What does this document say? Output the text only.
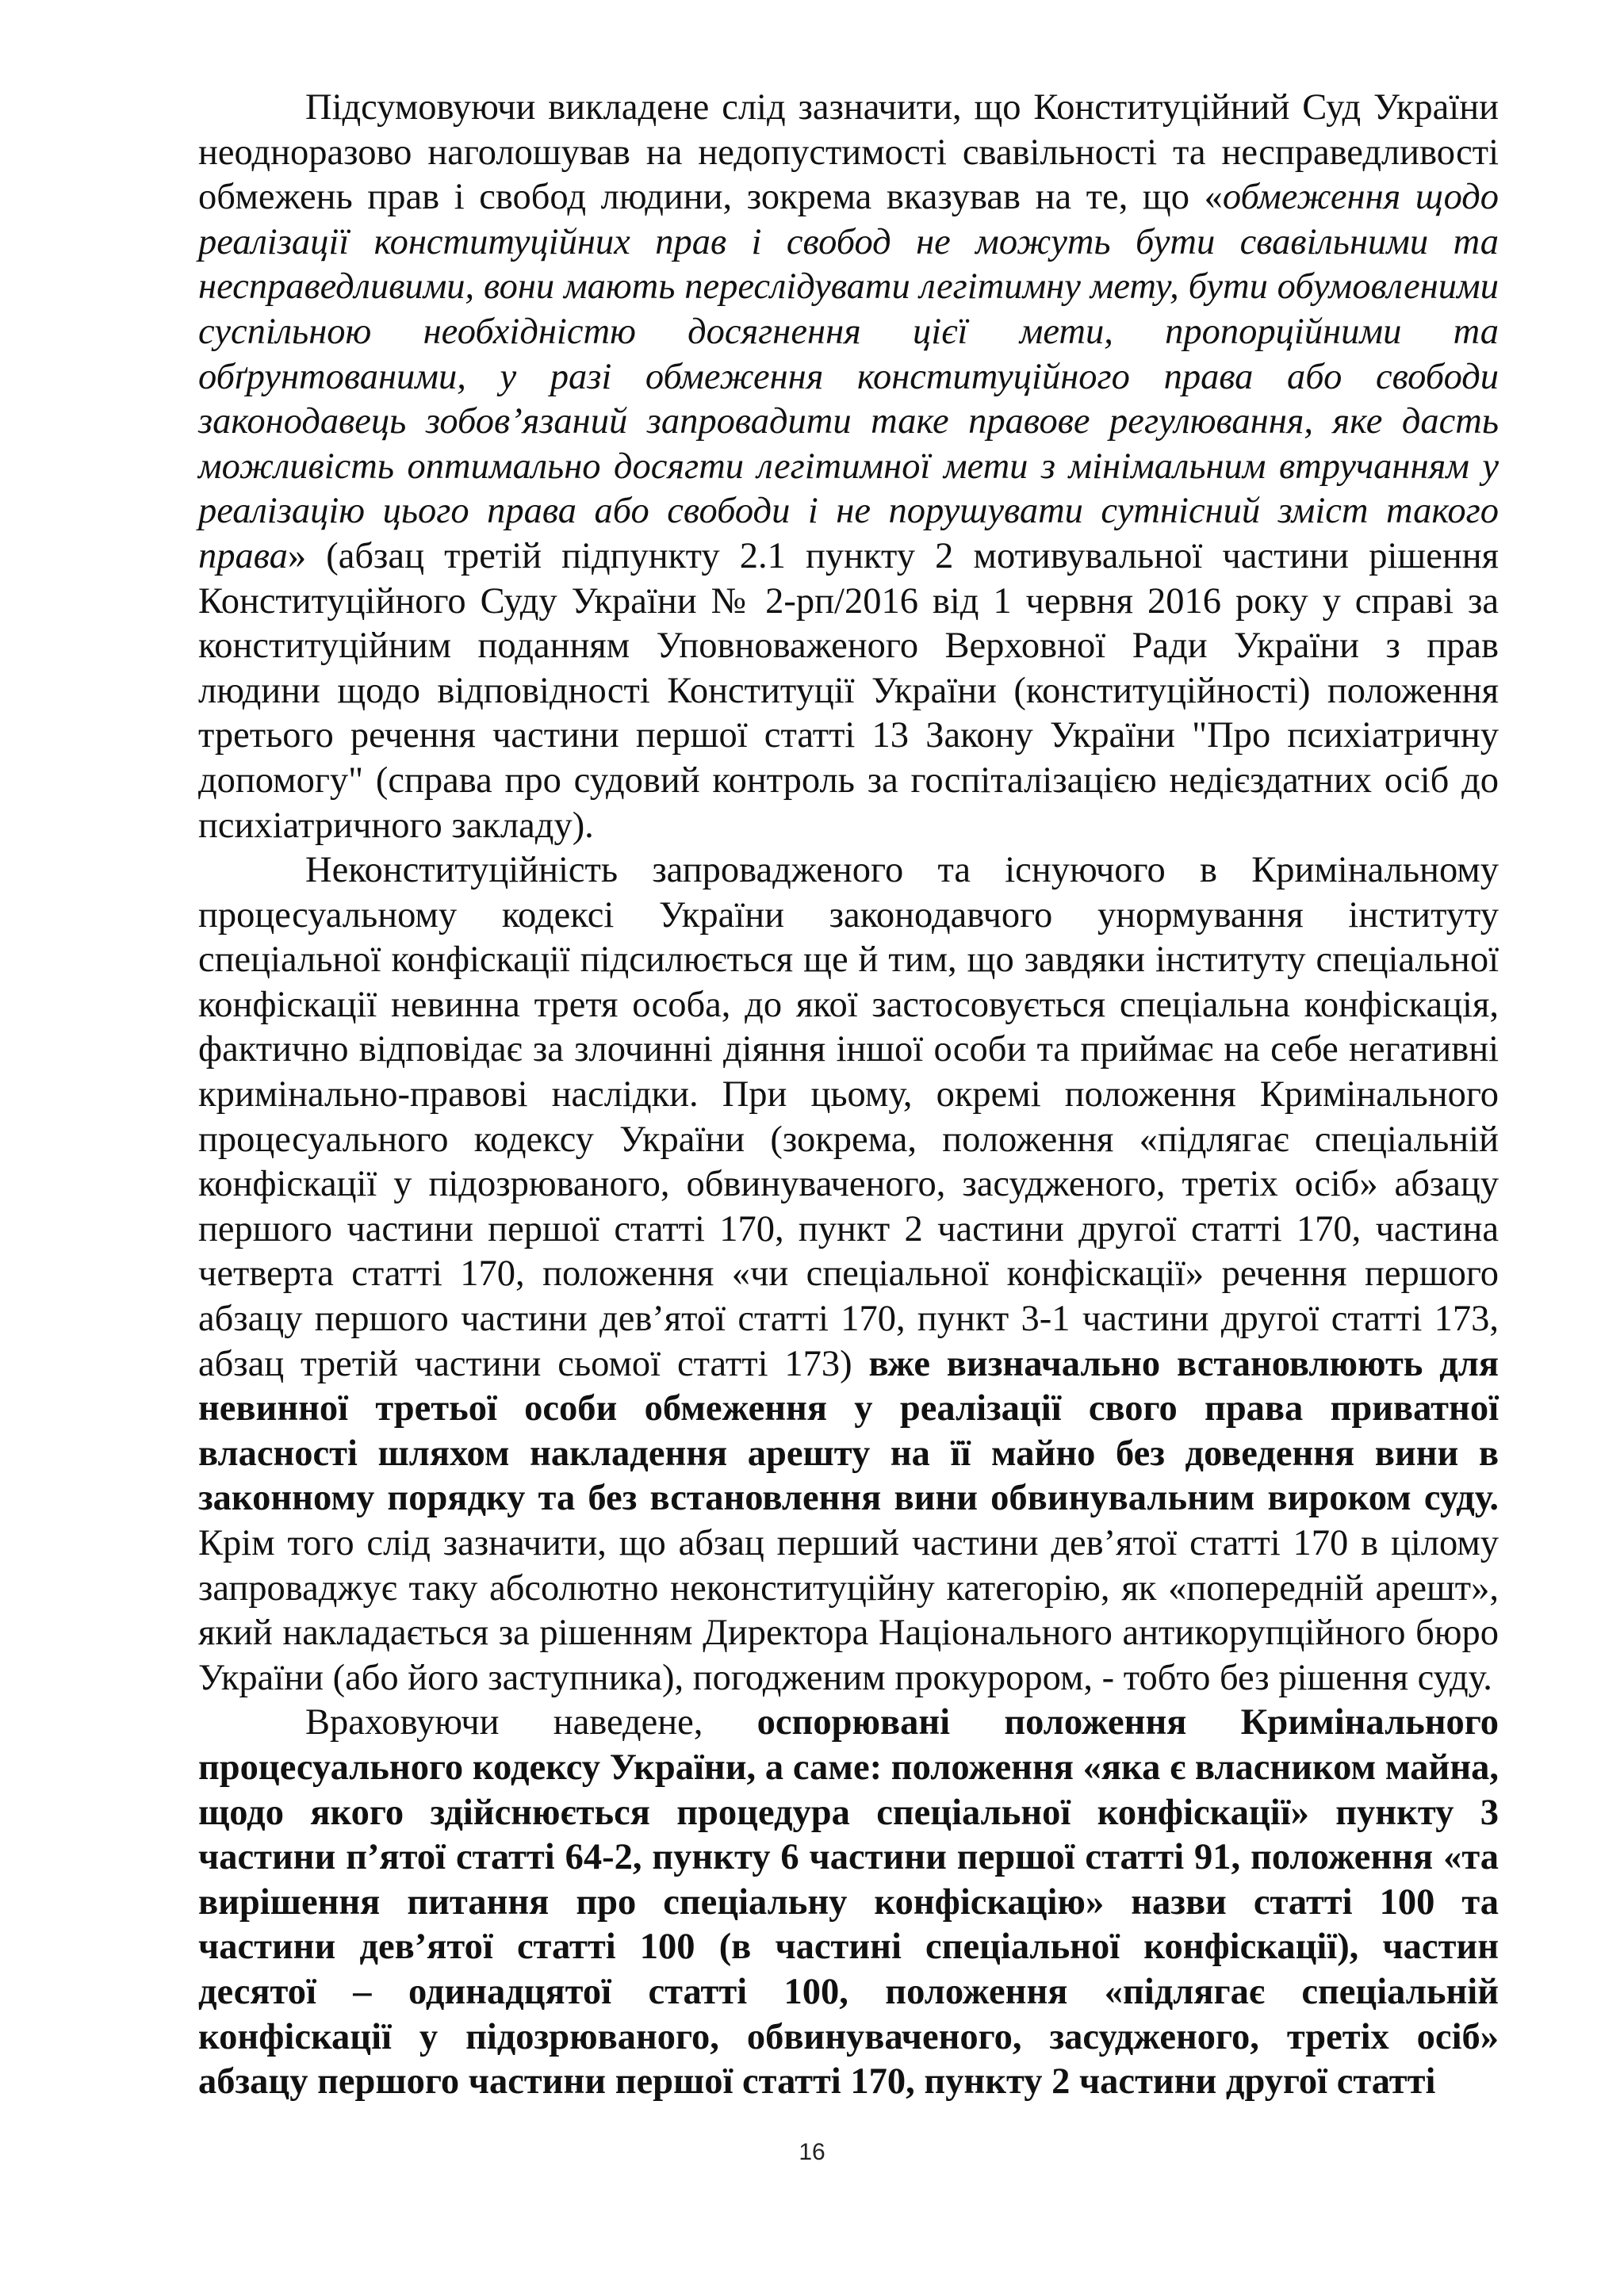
Підсумовуючи викладене слід зазначити, що Конституційний Суд України неодноразово наголошував на недопустимості свавільності та несправедливості обмежень прав і свобод людини, зокрема вказував на те, що «обмеження щодо реалізації конституційних прав і свобод не можуть бути свавільними та несправедливими, вони мають переслідувати легітимну мету, бути обумовленими суспільною необхідністю досягнення цієї мети, пропорційними та обґрунтованими, у разі обмеження конституційного права або свободи законодавець зобов’язаний запровадити таке правове регулювання, яке дасть можливість оптимально досягти легітимної мети з мінімальним втручанням у реалізацію цього права або свободи і не порушувати сутнісний зміст такого права» (абзац третій підпункту 2.1 пункту 2 мотивувальної частини рішення Конституційного Суду України № 2-рп/2016 від 1 червня 2016 року у справі за конституційним поданням Уповноваженого Верховної Ради України з прав людини щодо відповідності Конституції України (конституційності) положення третього речення частини першої статті 13 Закону України "Про психіатричну допомогу" (справа про судовий контроль за госпіталізацією недієздатних осіб до психіатричного закладу).

Неконституційність запровадженого та існуючого в Кримінальному процесуальному кодексі України законодавчого унормування інституту спеціальної конфіскації підсилюється ще й тим, що завдяки інституту спеціальної конфіскації невинна третя особа, до якої застосовується спеціальна конфіскація, фактично відповідає за злочинні діяння іншої особи та приймає на себе негативні кримінально-правові наслідки. При цьому, окремі положення Кримінального процесуального кодексу України (зокрема, положення «підлягає спеціальній конфіскації у підозрюваного, обвинуваченого, засудженого, третіх осіб» абзацу першого частини першої статті 170, пункт 2 частини другої статті 170, частина четверта статті 170, положення «чи спеціальної конфіскації» речення першого абзацу першого частини дев’ятої статті 170, пункт 3-1 частини другої статті 173, абзац третій частини сьомої статті 173) вже визначально встановлюють для невинної третьої особи обмеження у реалізації свого права приватної власності шляхом накладення арешту на її майно без доведення вини в законному порядку та без встановлення вини обвинувальним вироком суду. Крім того слід зазначити, що абзац перший частини дев’ятої статті 170 в цілому запроваджує таку абсолютно неконституційну категорію, як «попередній арешт», який накладається за рішенням Директора Національного антикорупційного бюро України (або його заступника), погодженим прокурором, - тобто без рішення суду.

Враховуючи наведене, оспорювані положення Кримінального процесуального кодексу України, а саме: положення «яка є власником майна, щодо якого здійснюється процедура спеціальної конфіскації» пункту 3 частини п’ятої статті 64-2, пункту 6 частини першої статті 91, положення «та вирішення питання про спеціальну конфіскацію» назви статті 100 та частини дев’ятої статті 100 (в частині спеціальної конфіскації), частин десятої – одинадцятої статті 100, положення «підлягає спеціальній конфіскації у підозрюваного, обвинуваченого, засудженого, третіх осіб» абзацу першого частини першої статті 170, пункту 2 частини другої статті

16
